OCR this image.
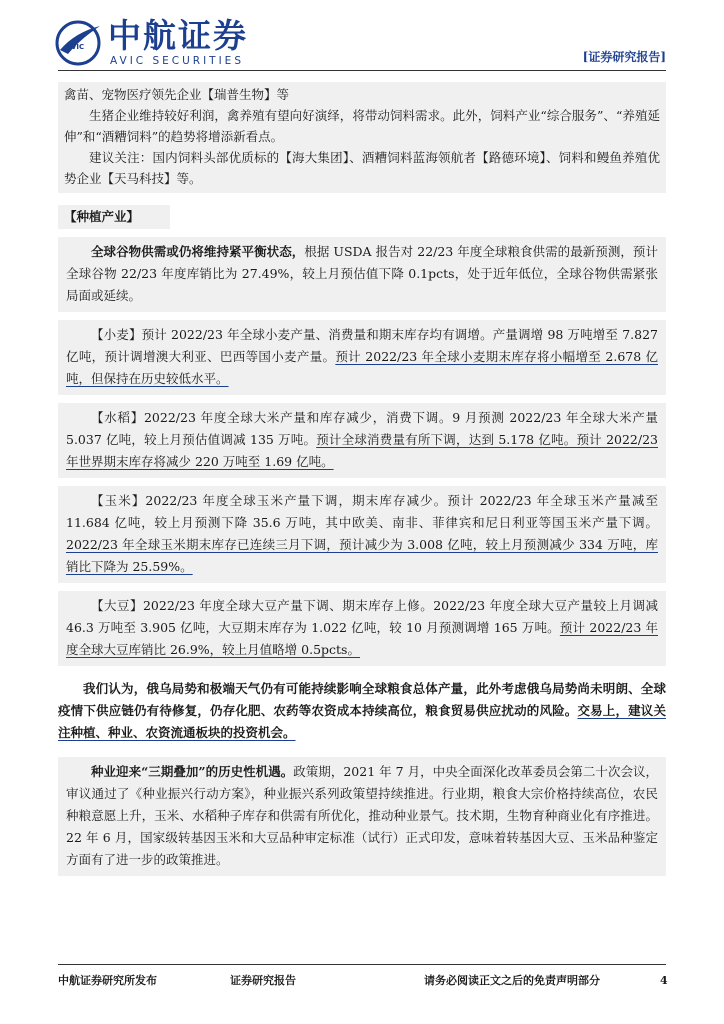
AVIC 中航证券
AVIC SECURITIES	[证券研究报告]

禽苗、宠物医疗领先企业【瑞普生物】等

生猪企业维持较好利润，禽养殖有望向好演绎，将带动饲料需求。此外，饲料产业“综合服务”、“养殖延伸”和“酒糟饲料”的趋势将增添新看点。

建议关注：国内饲料头部优质标的【海大集团】、酒糟饲料蓝海领航者【路德环境】、饲料和鳗鱼养殖优势企业【天马科技】等。

【种植产业】

全球谷物供需或仍将维持紧平衡状态，根据 USDA 报告对 22/23 年度全球粮食供需的最新预测，预计全球谷物 22/23 年度库销比为 27.49%，较上月预估值下降 0.1pcts，处于近年低位，全球谷物供需紧张局面或延续。

【小麦】预计 2022/23 年全球小麦产量、消费量和期末库存均有调增。产量调增 98 万吨增至 7.827 亿吨，预计调增澳大利亚、巴西等国小麦产量。预计 2022/23 年全球小麦期末库存将小幅增至 2.678 亿吨，但保持在历史较低水平。

【水稻】2022/23 年度全球大米产量和库存减少，消费下调。9 月预测 2022/23 年全球大米产量 5.037 亿吨，较上月预估值调减 135 万吨。预计全球消费量有所下调，达到 5.178 亿吨。预计 2022/23 年世界期末库存将减少 220 万吨至 1.69 亿吨。

【玉米】2022/23 年度全球玉米产量下调，期末库存减少。预计 2022/23 年全球玉米产量减至 11.684 亿吨，较上月预测下降 35.6 万吨，其中欧美、南非、菲律宾和尼日利亚等国玉米产量下调。2022/23 年全球玉米期末库存已连续三月下调，预计减少为 3.008 亿吨，较上月预测减少 334 万吨，库销比下降为 25.59%。

【大豆】2022/23 年度全球大豆产量下调、期末库存上修。2022/23 年度全球大豆产量较上月调减 46.3 万吨至 3.905 亿吨，大豆期末库存为 1.022 亿吨，较 10 月预测调增 165 万吨。预计 2022/23 年度全球大豆库销比 26.9%，较上月值略增 0.5pcts。

我们认为，俄乌局势和极端天气仍有可能持续影响全球粮食总体产量，此外考虑俄乌局势尚未明朗、全球疫情下供应链仍有待修复，仍存化肥、农药等农资成本持续高位，粮食贸易供应扰动的风险。交易上，建议关注种植、种业、农资流通板块的投资机会。

种业迎来“三期叠加”的历史性机遇。政策期，2021 年 7 月，中央全面深化改革委员会第二十次会议，审议通过了《种业振兴行动方案》，种业振兴系列政策望持续推进。行业期，粮食大宗价格持续高位，农民种粮意愿上升，玉米、水稻种子库存和供需有所优化，推动种业景气。技术期，生物育种商业化有序推进。22 年 6 月，国家级转基因玉米和大豆品种审定标准（试行）正式印发，意味着转基因大豆、玉米品种鉴定方面有了进一步的政策推进。

中航证券研究所发布	证券研究报告	请务必阅读正文之后的免责声明部分	4
